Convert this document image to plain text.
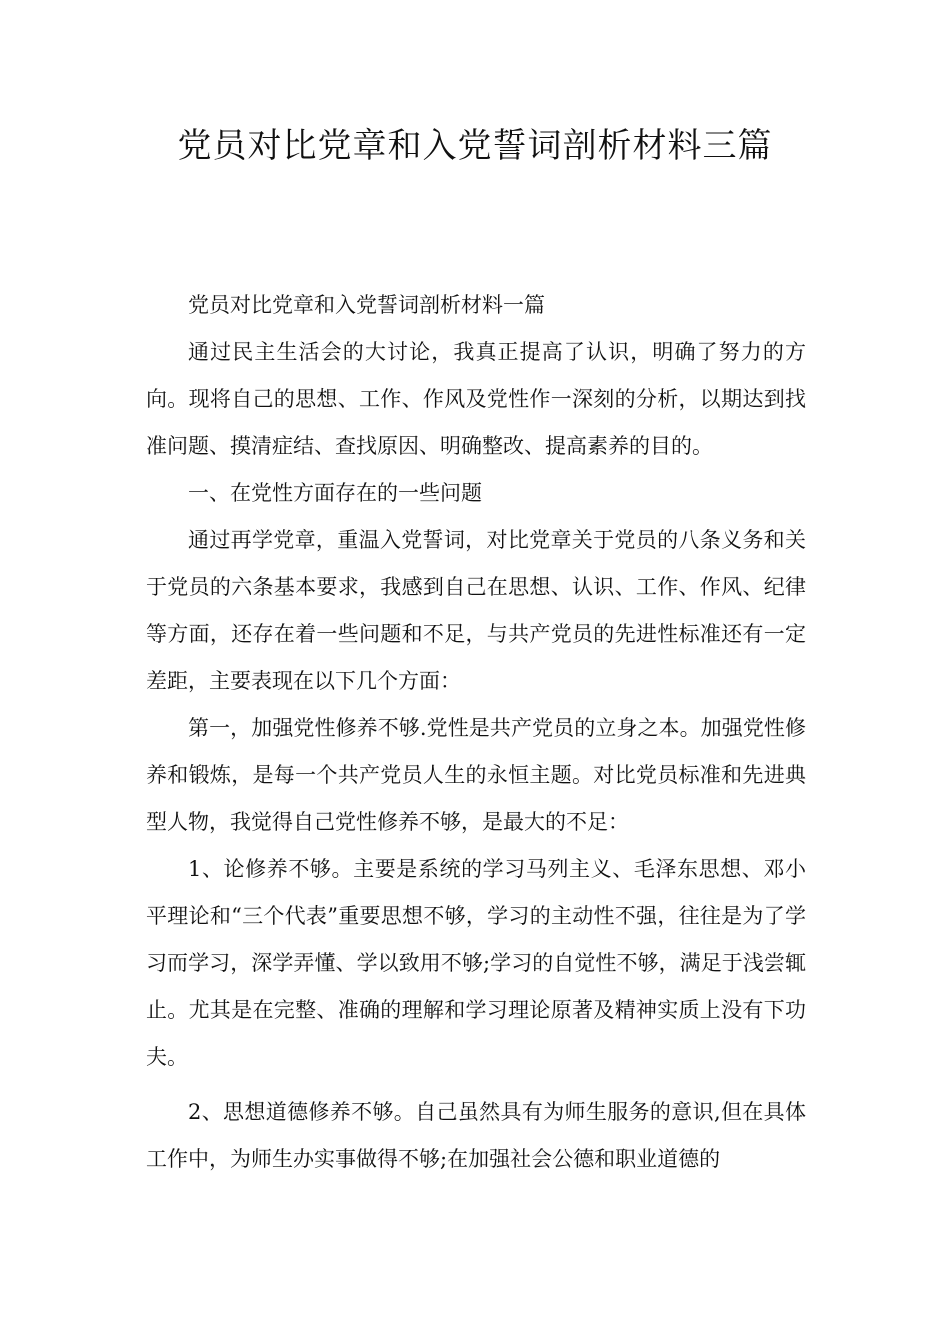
党员对比党章和入党誓词剖析材料三篇

党员对比党章和入党誓词剖析材料一篇

通过民主生活会的大讨论，我真正提高了认识，明确了努力的方向。现将自己的思想、工作、作风及党性作一深刻的分析，以期达到找准问题、摸清症结、查找原因、明确整改、提高素养的目的。

一、在党性方面存在的一些问题

通过再学党章，重温入党誓词，对比党章关于党员的八条义务和关于党员的六条基本要求，我感到自己在思想、认识、工作、作风、纪律等方面，还存在着一些问题和不足，与共产党员的先进性标准还有一定差距，主要表现在以下几个方面：

第一，加强党性修养不够.党性是共产党员的立身之本。加强党性修养和锻炼，是每一个共产党员人生的永恒主题。对比党员标准和先进典型人物，我觉得自己党性修养不够，是最大的不足：

1、论修养不够。主要是系统的学习马列主义、毛泽东思想、邓小平理论和“三个代表”重要思想不够，学习的主动性不强，往往是为了学习而学习，深学弄懂、学以致用不够;学习的自觉性不够，满足于浅尝辄止。尤其是在完整、准确的理解和学习理论原著及精神实质上没有下功夫。

2、思想道德修养不够。自己虽然具有为师生服务的意识,但在具体工作中，为师生办实事做得不够;在加强社会公德和职业道德的
